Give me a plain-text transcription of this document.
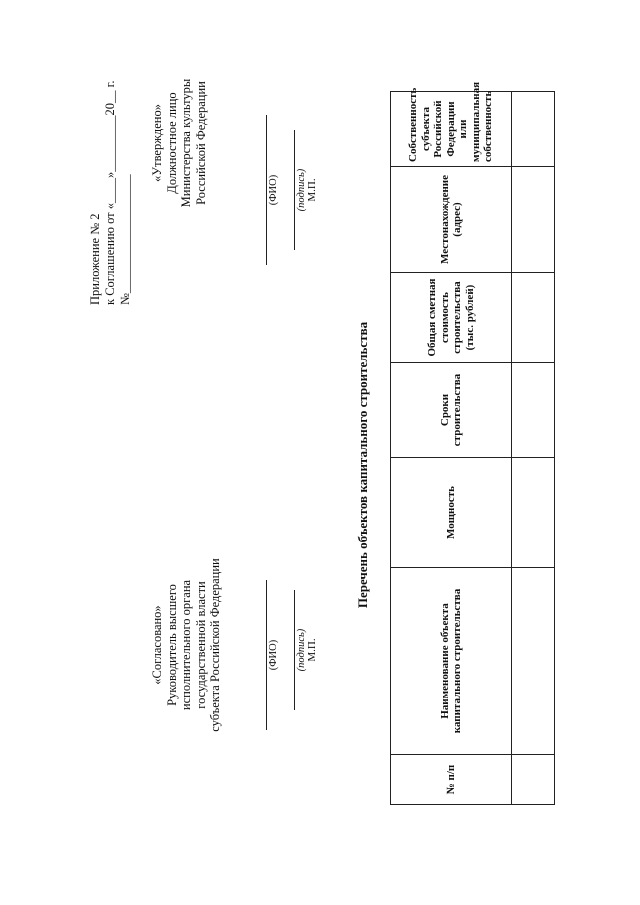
Приложение № 2 к Соглашению от «____»_________20__ г. №___________________
«Утверждено» Должностное лицо Министерства культуры Российской Федерации	(ФИО) (подпись) М.П.
«Согласовано» Руководитель высшего исполнительного органа государственной власти субъекта Российской Федерации	(ФИО) (подпись) М.П.
Перечень объектов капитального строительства
№ п/п	Наименование объекта капитального строительства	Мощность	Сроки строительства	Общая сметная стоимость строительства (тыс. рублей)	Местонахождение (адрес)	Собственность субъекта Российской Федерации или муниципальная собственность
